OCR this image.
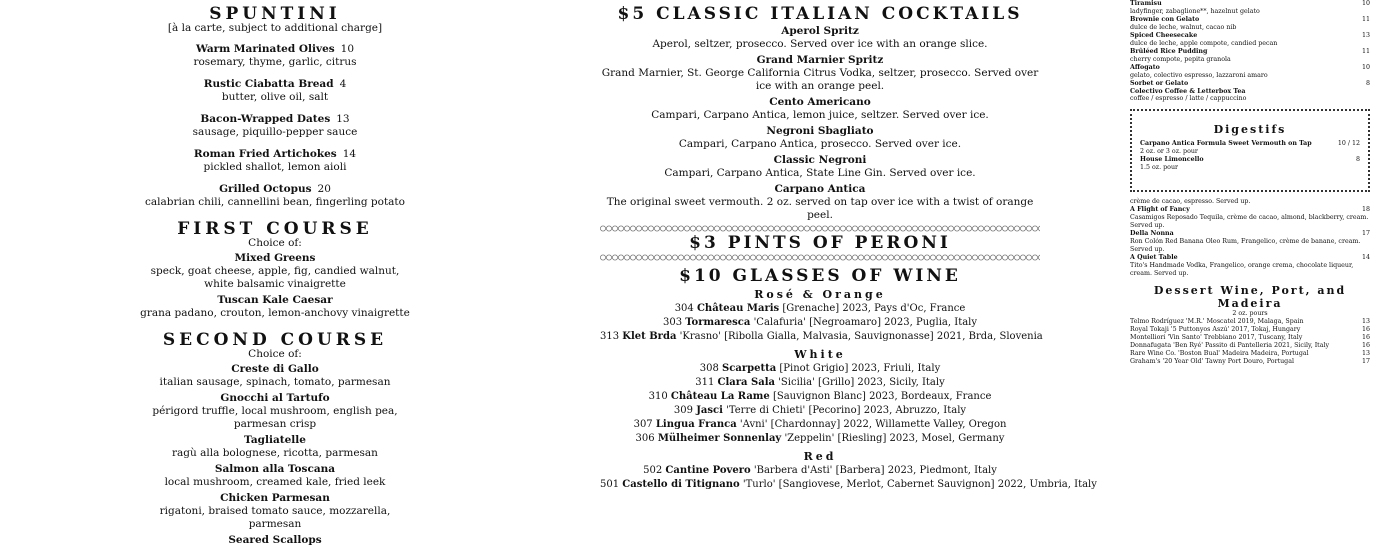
SPUNTINI
[à la carte, subject to additional charge]
Warm Marinated Olives 10
rosemary, thyme, garlic, citrus
Rustic Ciabatta Bread 4
butter, olive oil, salt
Bacon-Wrapped Dates 13
sausage, piquillo-pepper sauce
Roman Fried Artichokes 14
pickled shallot, lemon aioli
Grilled Octopus 20
calabrian chili, cannellini bean, fingerling potato
FIRST COURSE
Choice of:
Mixed Greens
speck, goat cheese, apple, fig, candied walnut, white balsamic vinaigrette
Tuscan Kale Caesar
grana padano, crouton, lemon-anchovy vinaigrette
SECOND COURSE
Choice of:
Creste di Gallo
italian sausage, spinach, tomato, parmesan
Gnocchi al Tartufo
périgord truffle, local mushroom, english pea, parmesan crisp
Tagliatelle
ragù alla bolognese, ricotta, parmesan
Salmon alla Toscana
local mushroom, creamed kale, fried leek
Chicken Parmesan
rigatoni, braised tomato sauce, mozzarella, parmesan
Seared Scallops
$5 CLASSIC ITALIAN COCKTAILS
Aperol Spritz
Aperol, seltzer, prosecco. Served over ice with an orange slice.
Grand Marnier Spritz
Grand Marnier, St. George California Citrus Vodka, seltzer, prosecco. Served over ice with an orange peel.
Cento Americano
Campari, Carpano Antica, lemon juice, seltzer. Served over ice.
Negroni Sbagliato
Campari, Carpano Antica, prosecco. Served over ice.
Classic Negroni
Campari, Carpano Antica, State Line Gin. Served over ice.
Carpano Antica
The original sweet vermouth. 2 oz. served on tap over ice with a twist of orange peel.
$3 PINTS OF PERONI
$10 GLASSES OF WINE
Rosé & Orange
304 Château Maris [Grenache] 2023, Pays d'Oc, France
303 Tormaresca 'Calafuria' [Negroamaro] 2023, Puglia, Italy
313 Klet Brda 'Krasno' [Ribolla Gialla, Malvasia, Sauvignonasse] 2021, Brda, Slovenia
White
308 Scarpetta [Pinot Grigio] 2023, Friuli, Italy
311 Clara Sala 'Sicilia' [Grillo] 2023, Sicily, Italy
310 Château La Rame [Sauvignon Blanc] 2023, Bordeaux, France
309 Jasci 'Terre di Chieti' [Pecorino] 2023, Abruzzo, Italy
307 Lingua Franca 'Avni' [Chardonnay] 2022, Willamette Valley, Oregon
306 Mülheimer Sonnenlay 'Zeppelin' [Riesling] 2023, Mosel, Germany
Red
502 Cantine Povero 'Barbera d'Asti' [Barbera] 2023, Piedmont, Italy
501 Castello di Titignano 'Turlo' [Sangiovese, Merlot, Cabernet Sauvignon] 2022, Umbria, Italy
Tiramisu	10
ladyfinger, zabaglione**, hazelnut gelato
Brownie con Gelato	11
dulce de leche, walnut, cacao nib
Spiced Cheesecake	13
dulce de leche, apple compote, candied pecan
Brûléed Rice Pudding	11
cherry compote, pepita granola
Affogato	10
gelato, colectivo espresso, lazzaroni amaro
Sorbet or Gelato	8
Colectivo Coffee & Letterbox Tea
coffee / espresso / latte / cappuccino
Digestifs
Carpano Antica Formula Sweet Vermouth on Tap	10 / 12
2 oz. or 3 oz. pour
House Limoncello	8
1.5 oz. pour
crème de cacao, espresso. Served up.
A Flight of Fancy	18
Casamigos Reposado Tequila, crème de cacao, almond, blackberry, cream. Served up.
Della Nonna	17
Ron Colón Red Banana Oleo Rum, Frangelico, crème de banane, cream. Served up.
A Quiet Table	14
Tito's Handmade Vodka, Frangelico, orange crema, chocolate liqueur, cream. Served up.
Dessert Wine, Port, and Madeira
2 oz. pours
Telmo Rodríguez 'M.R.' Moscatel 2019, Malaga, Spain	13
Royal Tokaji '5 Puttonyos Aszú' 2017, Tokaj, Hungary	16
Montelliori 'Vin Santo' Trebbiano 2017, Tuscany, Italy	16
Donnafugata 'Ben Ryé' Passito di Pantelleria 2021, Sicily, Italy	16
Rare Wine Co. 'Boston Bual' Madeira Madeira, Portugal	13
Graham's '20 Year Old' Tawny Port Douro, Portugal	17
